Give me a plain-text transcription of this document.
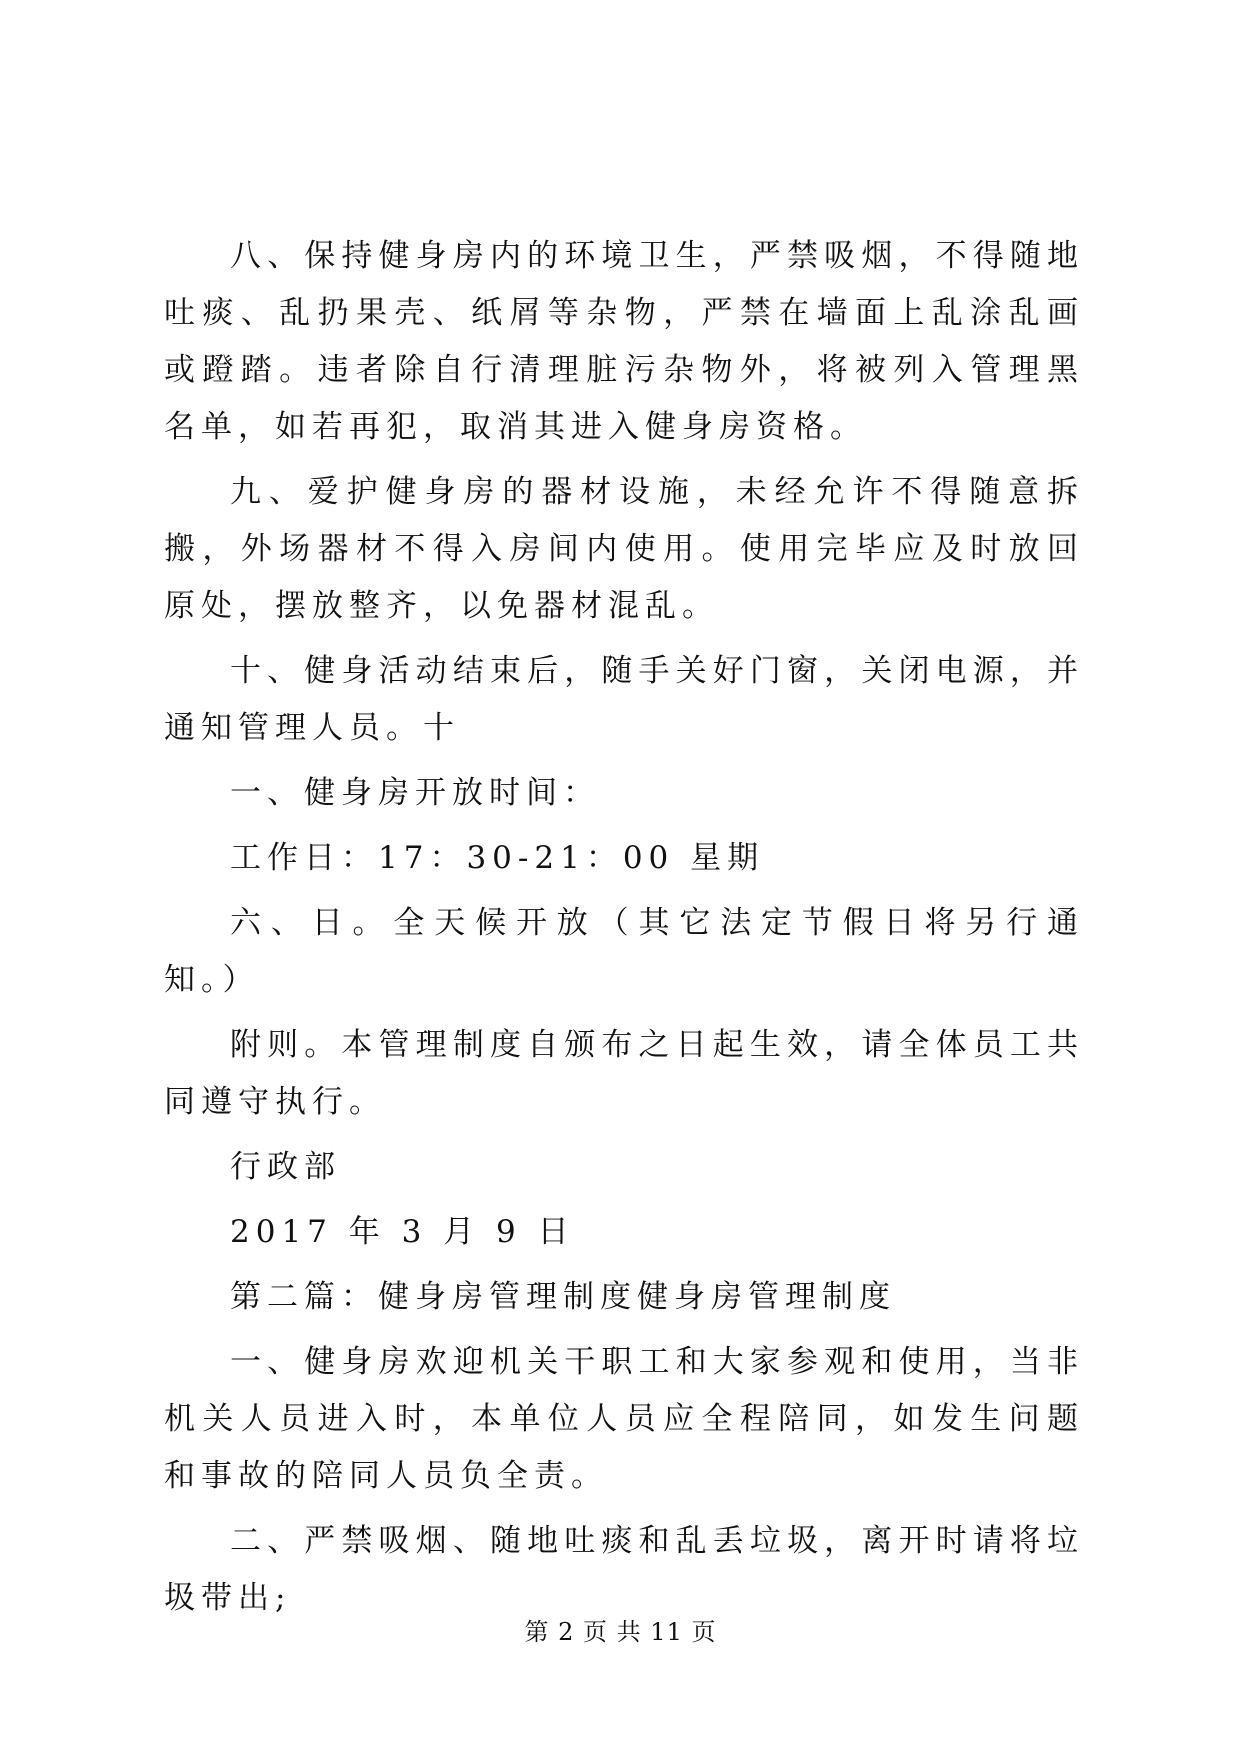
八、保持健身房内的环境卫生，严禁吸烟，不得随地吐痰、乱扔果壳、纸屑等杂物，严禁在墙面上乱涂乱画或蹬踏。违者除自行清理脏污杂物外，将被列入管理黑名单，如若再犯，取消其进入健身房资格。

九、爱护健身房的器材设施，未经允许不得随意拆搬，外场器材不得入房间内使用。使用完毕应及时放回原处，摆放整齐，以免器材混乱。

十、健身活动结束后，随手关好门窗，关闭电源，并通知管理人员。十

一、健身房开放时间：

工作日：17：30-21：00 星期

六、日。全天候开放（其它法定节假日将另行通知。）

附则。本管理制度自颁布之日起生效，请全体员工共同遵守执行。

行政部

2017 年 3 月 9 日

第二篇：健身房管理制度健身房管理制度

一、健身房欢迎机关干职工和大家参观和使用，当非机关人员进入时，本单位人员应全程陪同，如发生问题和事故的陪同人员负全责。

二、严禁吸烟、随地吐痰和乱丢垃圾，离开时请将垃圾带出;

第 2 页 共 11 页
